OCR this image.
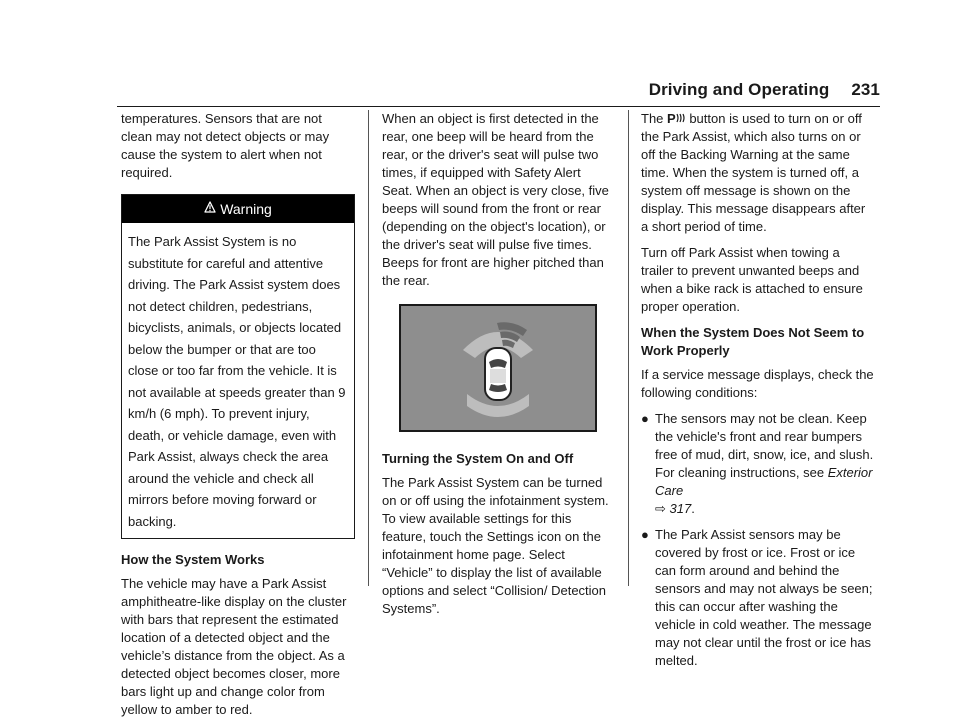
Driving and Operating 231

temperatures. Sensors that are not clean may not detect objects or may cause the system to alert when not required.

Warning

The Park Assist System is no substitute for careful and attentive driving. The Park Assist system does not detect children, pedestrians, bicyclists, animals, or objects located below the bumper or that are too close or too far from the vehicle. It is not available at speeds greater than 9 km/h (6 mph). To prevent injury, death, or vehicle damage, even with Park Assist, always check the area around the vehicle and check all mirrors before moving forward or backing.

How the System Works

The vehicle may have a Park Assist amphitheatre-like display on the cluster with bars that represent the estimated location of a detected object and the vehicle’s distance from the object. As a detected object becomes closer, more bars light up and change color from yellow to amber to red.

When an object is first detected in the rear, one beep will be heard from the rear, or the driver's seat will pulse two times, if equipped with Safety Alert Seat. When an object is very close, five beeps will sound from the front or rear (depending on the object's location), or the driver's seat will pulse five times. Beeps for front are higher pitched than the rear.

Turning the System On and Off

The Park Assist System can be turned on or off using the infotainment system. To view available settings for this feature, touch the Settings icon on the infotainment home page. Select “Vehicle” to display the list of available options and select “Collision/ Detection Systems”.

The P button is used to turn on or off the Park Assist, which also turns on or off the Backing Warning at the same time. When the system is turned off, a system off message is shown on the display. This message disappears after a short period of time.

Turn off Park Assist when towing a trailer to prevent unwanted beeps and when a bike rack is attached to ensure proper operation.

When the System Does Not Seem to Work Properly

If a service message displays, check the following conditions:

● The sensors may not be clean. Keep the vehicle's front and rear bumpers free of mud, dirt, snow, ice, and slush. For cleaning instructions, see Exterior Care
⇨ 317.
● The Park Assist sensors may be covered by frost or ice. Frost or ice can form around and behind the sensors and may not always be seen; this can occur after washing the vehicle in cold weather. The message may not clear until the frost or ice has melted.
